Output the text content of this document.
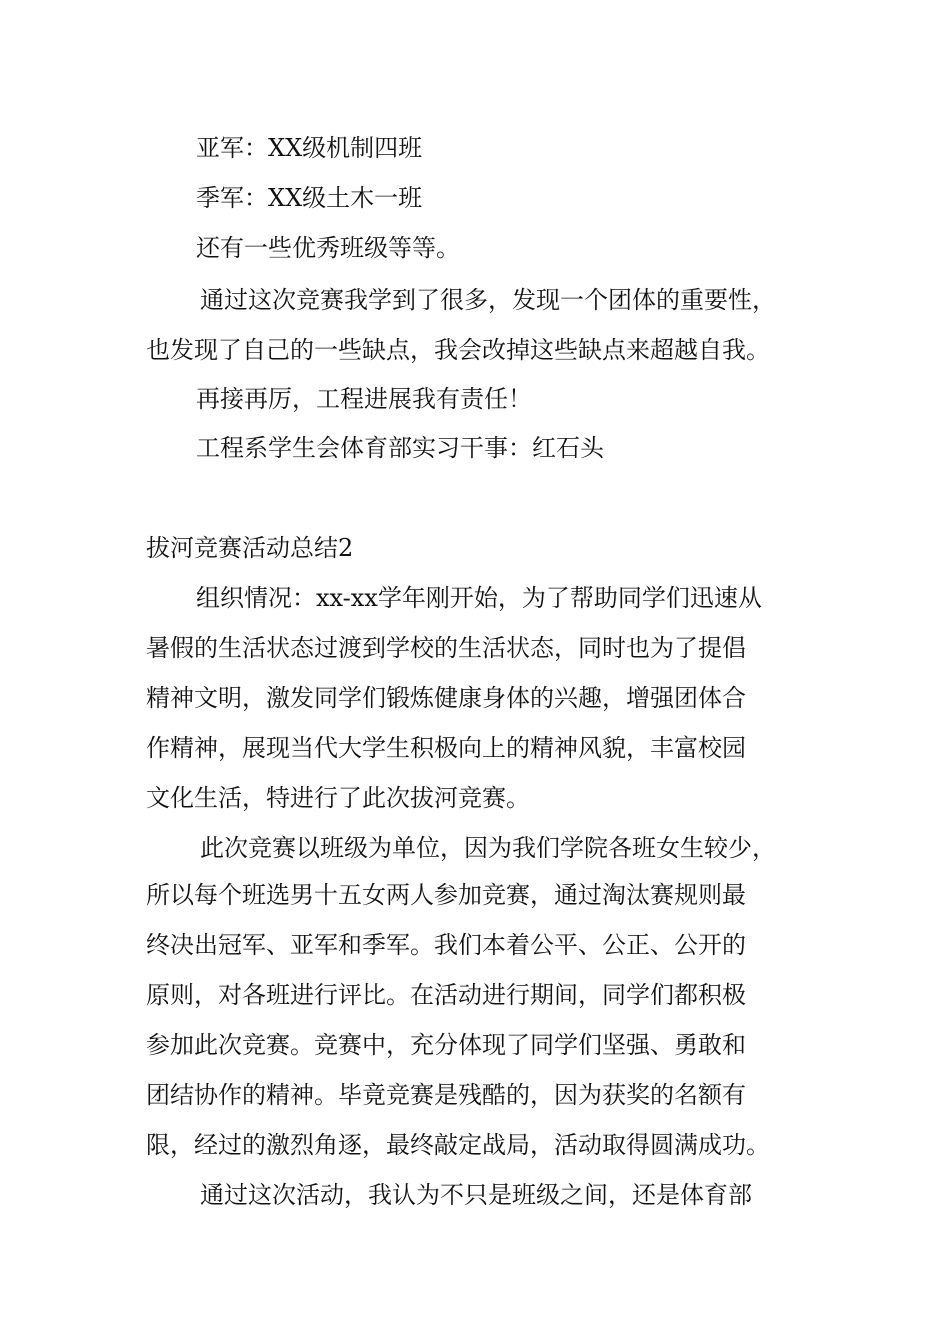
亚军：XX级机制四班

季军：XX级土木一班

还有一些优秀班级等等。

通过这次竞赛我学到了很多，发现一个团体的重要性，

也发现了自己的一些缺点，我会改掉这些缺点来超越自我。

再接再厉，工程进展我有责任！

工程系学生会体育部实习干事：红石头

拔河竞赛活动总结2

组织情况：xx-xx学年刚开始，为了帮助同学们迅速从

暑假的生活状态过渡到学校的生活状态，同时也为了提倡

精神文明，激发同学们锻炼健康身体的兴趣，增强团体合

作精神，展现当代大学生积极向上的精神风貌，丰富校园

文化生活，特进行了此次拔河竞赛。

此次竞赛以班级为单位，因为我们学院各班女生较少，

所以每个班选男十五女两人参加竞赛，通过淘汰赛规则最

终决出冠军、亚军和季军。我们本着公平、公正、公开的

原则，对各班进行评比。在活动进行期间，同学们都积极

参加此次竞赛。竞赛中，充分体现了同学们坚强、勇敢和

团结协作的精神。毕竟竞赛是残酷的，因为获奖的名额有

限，经过的激烈角逐，最终敲定战局，活动取得圆满成功。

通过这次活动，我认为不只是班级之间，还是体育部
